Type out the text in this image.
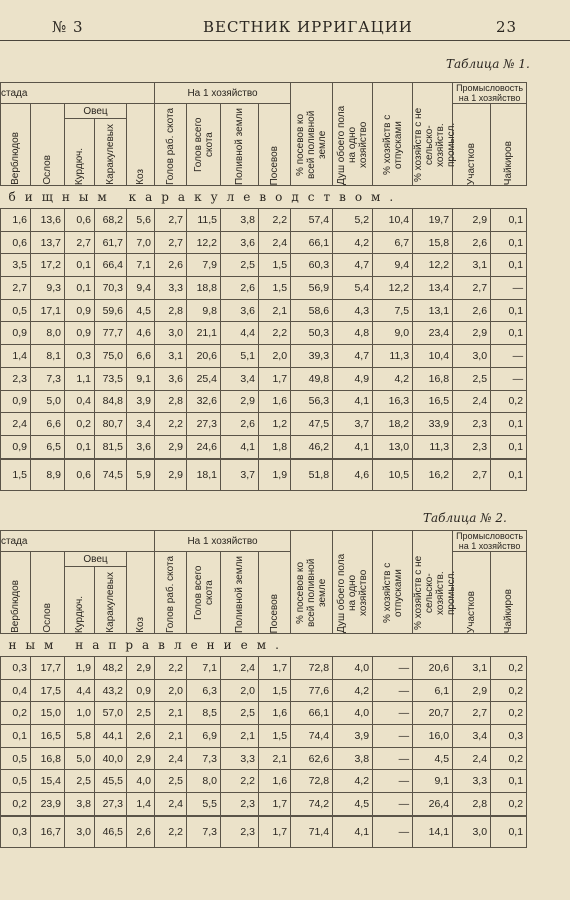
№ 3	ВЕСТНИК ИРРИГАЦИИ	23
Таблица № 1.
стада					На 1 хозяйство				% посевов ко всей поливной земле	Душ обоего пола на одно хозяйство	% хозяйств с отпусками	% хозяйств с не сельско-хозяйств. промысл.	Промысловость на 1 хозяйство	

Верблюдов	Ослов	Овец		Коз	Голов раб. скота	Голов всего скота	Поливной земли	Посевов					Участков	Чайкиров

		Курдюч.	Каракулевых											

бищным каракулеводством.														
1,6	13,6	0,6	68,2	5,6	2,7	11,5	3,8	2,2	57,4	5,2	10,4	19,7	2,9	0,1
0,6	13,7	2,7	61,7	7,0	2,7	12,2	3,6	2,4	66,1	4,2	6,7	15,8	2,6	0,1
3,5	17,2	0,1	66,4	7,1	2,6	7,9	2,5	1,5	60,3	4,7	9,4	12,2	3,1	0,1
2,7	9,3	0,1	70,3	9,4	3,3	18,8	2,6	1,5	56,9	5,4	12,2	13,4	2,7	—
0,5	17,1	0,9	59,6	4,5	2,8	9,8	3,6	2,1	58,6	4,3	7,5	13,1	2,6	0,1
0,9	8,0	0,9	77,7	4,6	3,0	21,1	4,4	2,2	50,3	4,8	9,0	23,4	2,9	0,1
1,4	8,1	0,3	75,0	6,6	3,1	20,6	5,1	2,0	39,3	4,7	11,3	10,4	3,0	—
2,3	7,3	1,1	73,5	9,1	3,6	25,4	3,4	1,7	49,8	4,9	4,2	16,8	2,5	—
0,9	5,0	0,4	84,8	3,9	2,8	32,6	2,9	1,6	56,3	4,1	16,3	16,5	2,4	0,2
2,4	6,6	0,2	80,7	3,4	2,2	27,3	2,6	1,2	47,5	3,7	18,2	33,9	2,3	0,1
0,9	6,5	0,1	81,5	3,6	2,9	24,6	4,1	1,8	46,2	4,1	13,0	11,3	2,3	0,1
1,5	8,9	0,6	74,5	5,9	2,9	18,1	3,7	1,9	51,8	4,6	10,5	16,2	2,7	0,1
Таблица № 2.
стада					На 1 хозяйство				% посевов ко всей поливной земле	Душ обоего пола на одно хозяйство	% хозяйств с отпусками	% хозяйств с не сельско-хозяйств. промысл.	Промысловость на 1 хозяйство	

Верблюдов	Ослов	Овец		Коз	Голов раб. скота	Голов всего скота	Поливной земли	Посевов					Участков	Чайкиров

		Курдюч.	Каракулевых											

ным направлением.														
0,3	17,7	1,9	48,2	2,9	2,2	7,1	2,4	1,7	72,8	4,0	—	20,6	3,1	0,2
0,4	17,5	4,4	43,2	0,9	2,0	6,3	2,0	1,5	77,6	4,2	—	6,1	2,9	0,2
0,2	15,0	1,0	57,0	2,5	2,1	8,5	2,5	1,6	66,1	4,0	—	20,7	2,7	0,2
0,1	16,5	5,8	44,1	2,6	2,1	6,9	2,1	1,5	74,4	3,9	—	16,0	3,4	0,3
0,5	16,8	5,0	40,0	2,9	2,4	7,3	3,3	2,1	62,6	3,8	—	4,5	2,4	0,2
0,5	15,4	2,5	45,5	4,0	2,5	8,0	2,2	1,6	72,8	4,2	—	9,1	3,3	0,1
0,2	23,9	3,8	27,3	1,4	2,4	5,5	2,3	1,7	74,2	4,5	—	26,4	2,8	0,2
0,3	16,7	3,0	46,5	2,6	2,2	7,3	2,3	1,7	71,4	4,1	—	14,1	3,0	0,1
